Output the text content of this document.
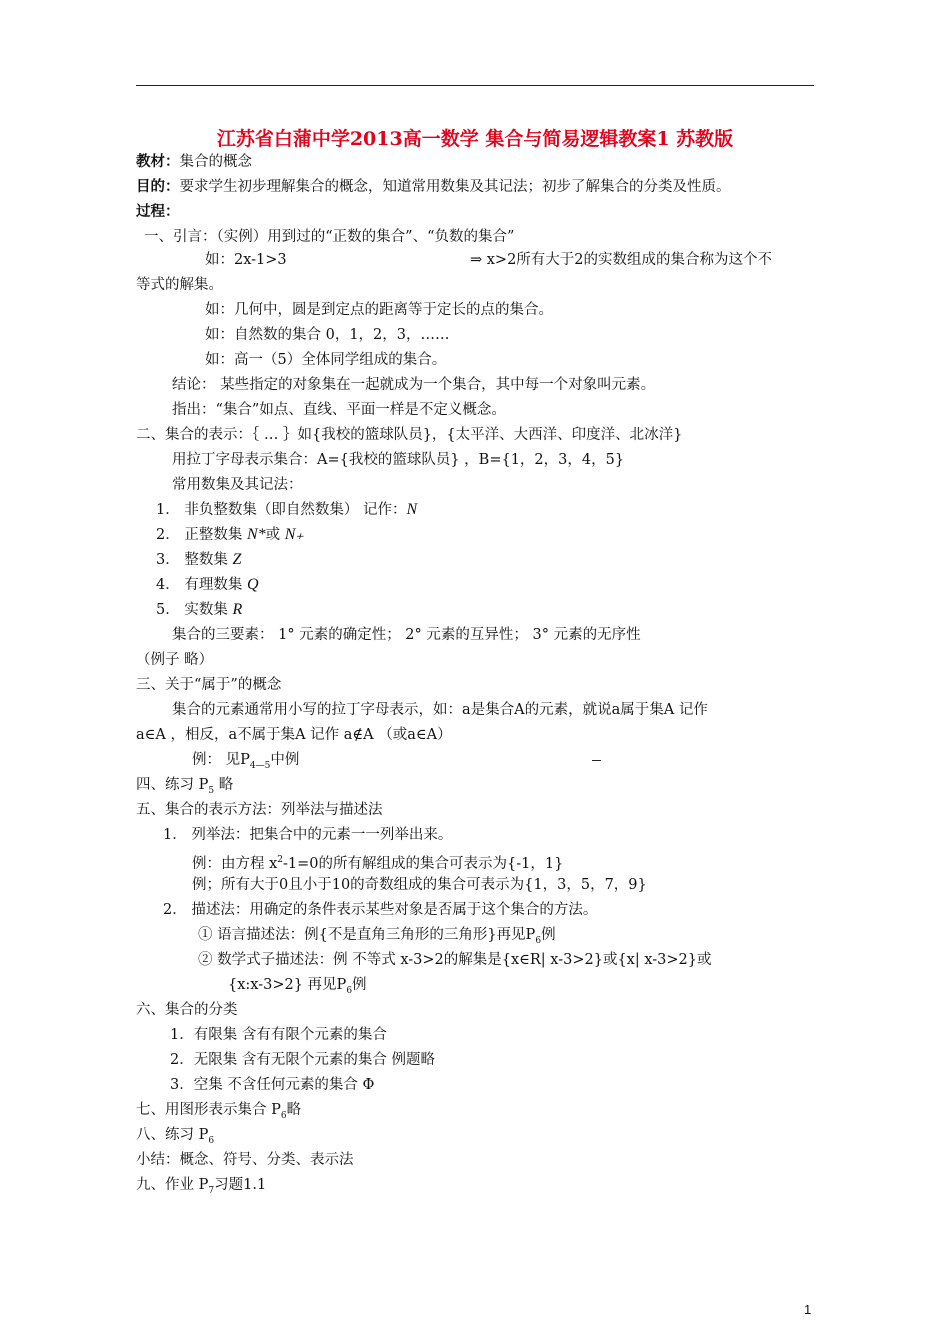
江苏省白蒲中学2013高一数学 集合与简易逻辑教案1 苏教版
教材：集合的概念
目的：要求学生初步理解集合的概念，知道常用数集及其记法；初步了解集合的分类及性质。
过程：
一、引言：（实例）用到过的“正数的集合”、“负数的集合”
如：2x-1>3	⇒ x>2所有大于2的实数组成的集合称为这个不
等式的解集。
如：几何中，圆是到定点的距离等于定长的点的集合。
如：自然数的集合 0，1，2，3，……
如：高一（5）全体同学组成的集合。
结论： 某些指定的对象集在一起就成为一个集合，其中每一个对象叫元素。
指出：“集合”如点、直线、平面一样是不定义概念。
二、集合的表示：｛ … ｝如{我校的篮球队员}，{太平洋、大西洋、印度洋、北冰洋}
用拉丁字母表示集合：A={我校的篮球队员} ，B={1，2，3，4，5}
常用数集及其记法：
1． 非负整数集（即自然数集） 记作：N
2． 正整数集 N*或 N₊
3． 整数集 Z
4． 有理数集 Q
5． 实数集 R
集合的三要素： 1° 元素的确定性； 2° 元素的互异性； 3° 元素的无序性
（例子 略）
三、关于“属于”的概念
集合的元素通常用小写的拉丁字母表示，如：a是集合A的元素，就说a属于集A 记作
a∈A ，相反，a不属于集A 记作 a∉A （或a∈A）
例： 见$P_{4—5}$中例
四、练习 $P_5$ 略
五、集合的表示方法：列举法与描述法
1． 列举法：把集合中的元素一一列举出来。
例：由方程 $x^2-1=0$的所有解组成的集合可表示为{-1，1}
例；所有大于0且小于10的奇数组成的集合可表示为{1，3，5，7，9}
2． 描述法：用确定的条件表示某些对象是否属于这个集合的方法。
① 语言描述法：例{不是直角三角形的三角形}再见$P_6$例
② 数学式子描述法：例 不等式 x-3>2的解集是{x∈R| x-3>2}或{x| x-3>2}或
{x:x-3>2} 再见$P_6$例
六、集合的分类
1．有限集 含有有限个元素的集合
2．无限集 含有无限个元素的集合 例题略
3．空集 不含任何元素的集合 Φ
七、用图形表示集合 $P_6$略
八、练习 $P_6$
小结：概念、符号、分类、表示法
九、作业 $P_7$习题1.1
1
